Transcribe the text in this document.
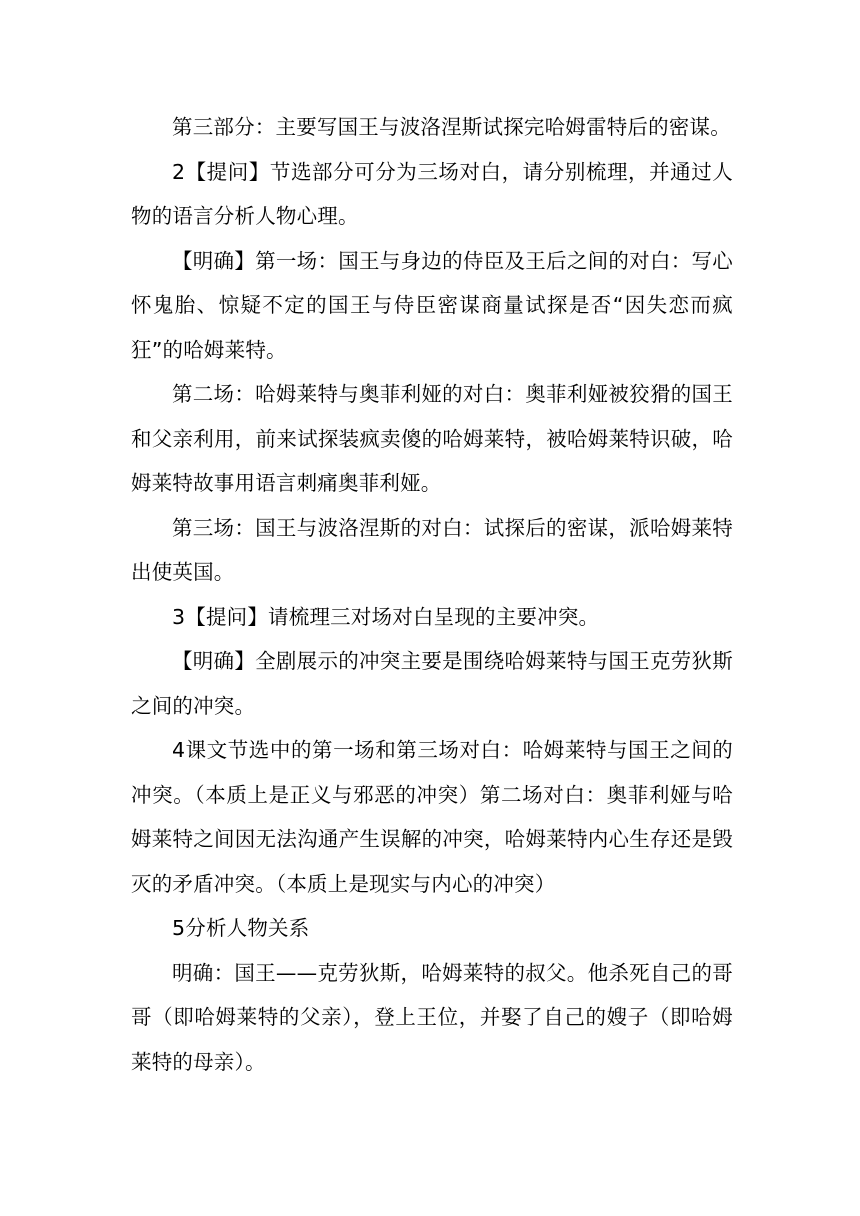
第三部分：主要写国王与波洛涅斯试探完哈姆雷特后的密谋。

2【提问】节选部分可分为三场对白，请分别梳理，并通过人物的语言分析人物心理。

【明确】第一场：国王与身边的侍臣及王后之间的对白：写心怀鬼胎、惊疑不定的国王与侍臣密谋商量试探是否“因失恋而疯狂”的哈姆莱特。

第二场：哈姆莱特与奥菲利娅的对白：奥菲利娅被狡猾的国王和父亲利用，前来试探装疯卖傻的哈姆莱特，被哈姆莱特识破，哈姆莱特故事用语言刺痛奥菲利娅。

第三场：国王与波洛涅斯的对白：试探后的密谋，派哈姆莱特出使英国。

3【提问】请梳理三对场对白呈现的主要冲突。

【明确】全剧展示的冲突主要是围绕哈姆莱特与国王克劳狄斯之间的冲突。

4课文节选中的第一场和第三场对白：哈姆莱特与国王之间的冲突。（本质上是正义与邪恶的冲突）第二场对白：奥菲利娅与哈姆莱特之间因无法沟通产生误解的冲突，哈姆莱特内心生存还是毁灭的矛盾冲突。（本质上是现实与内心的冲突）

5分析人物关系

明确：国王——克劳狄斯，哈姆莱特的叔父。他杀死自己的哥哥（即哈姆莱特的父亲），登上王位，并娶了自己的嫂子（即哈姆莱特的母亲）。
